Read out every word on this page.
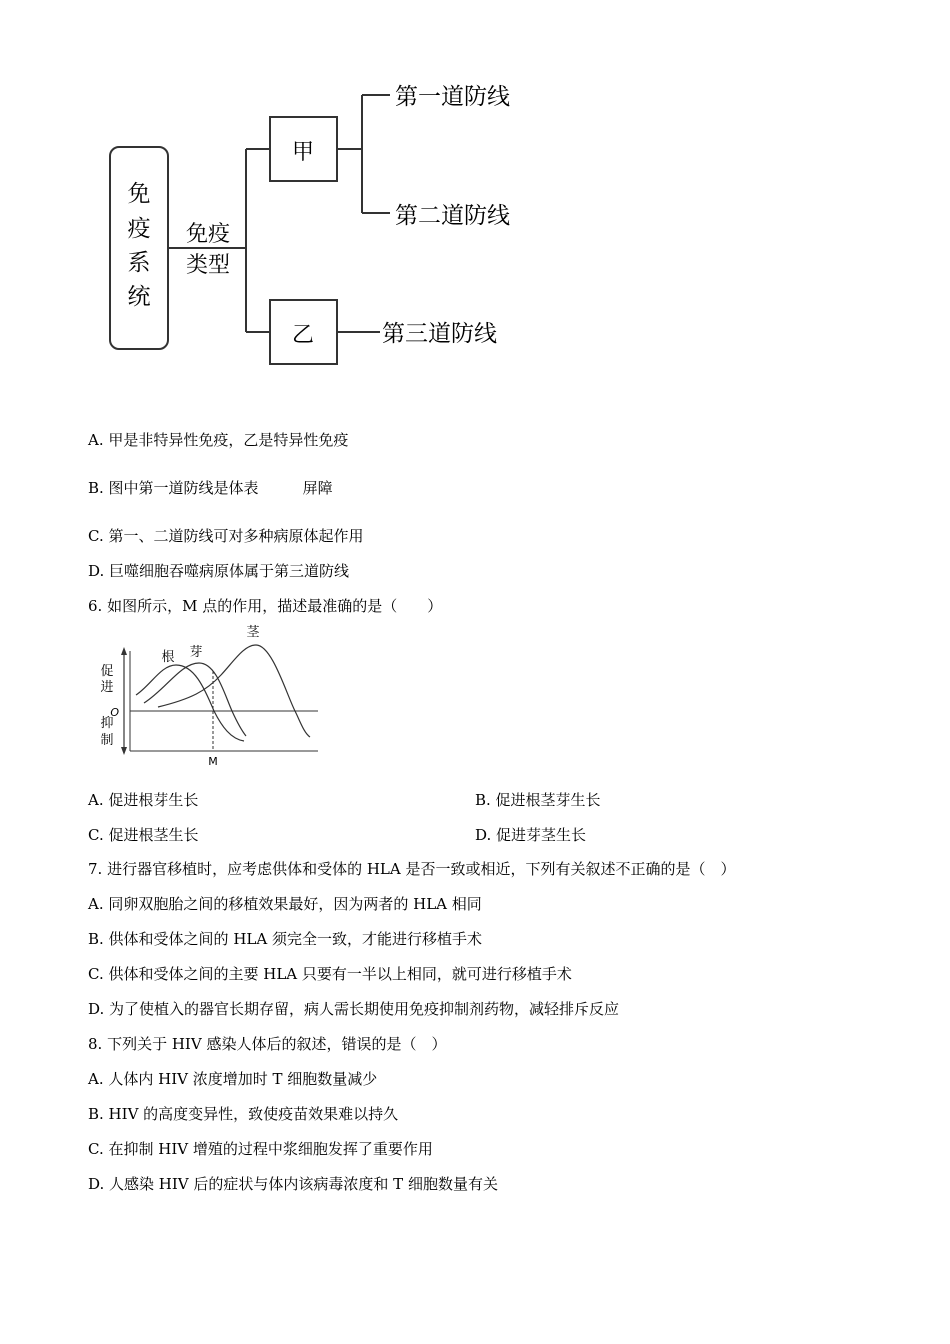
免
疫
系
统
免疫
类型
甲
乙
第一道防线
第二道防线
第三道防线
A. 甲是非特异性免疫，乙是特异性免疫
B. 图中第一道防线是体表	屏障
C. 第一、二道防线可对多种病原体起作用
D. 巨噬细胞吞噬病原体属于第三道防线
6. 如图所示，M 点的作用，描述最准确的是（　　）
O
促
进
抑
制
根 芽
茎
M
A. 促进根芽生长	B. 促进根茎芽生长
C. 促进根茎生长	D. 促进芽茎生长
7. 进行器官移植时，应考虑供体和受体的 HLA 是否一致或相近，下列有关叙述不正确的是（　）
A. 同卵双胞胎之间的移植效果最好，因为两者的 HLA 相同
B. 供体和受体之间的 HLA 须完全一致，才能进行移植手术
C. 供体和受体之间的主要 HLA 只要有一半以上相同，就可进行移植手术
D. 为了使植入的器官长期存留，病人需长期使用免疫抑制剂药物，减轻排斥反应
8. 下列关于 HIV 感染人体后的叙述，错误的是（　）
A. 人体内 HIV 浓度增加时 T 细胞数量减少
B. HIV 的高度变异性，致使疫苗效果难以持久
C. 在抑制 HIV 增殖的过程中浆细胞发挥了重要作用
D. 人感染 HIV 后的症状与体内该病毒浓度和 T 细胞数量有关
